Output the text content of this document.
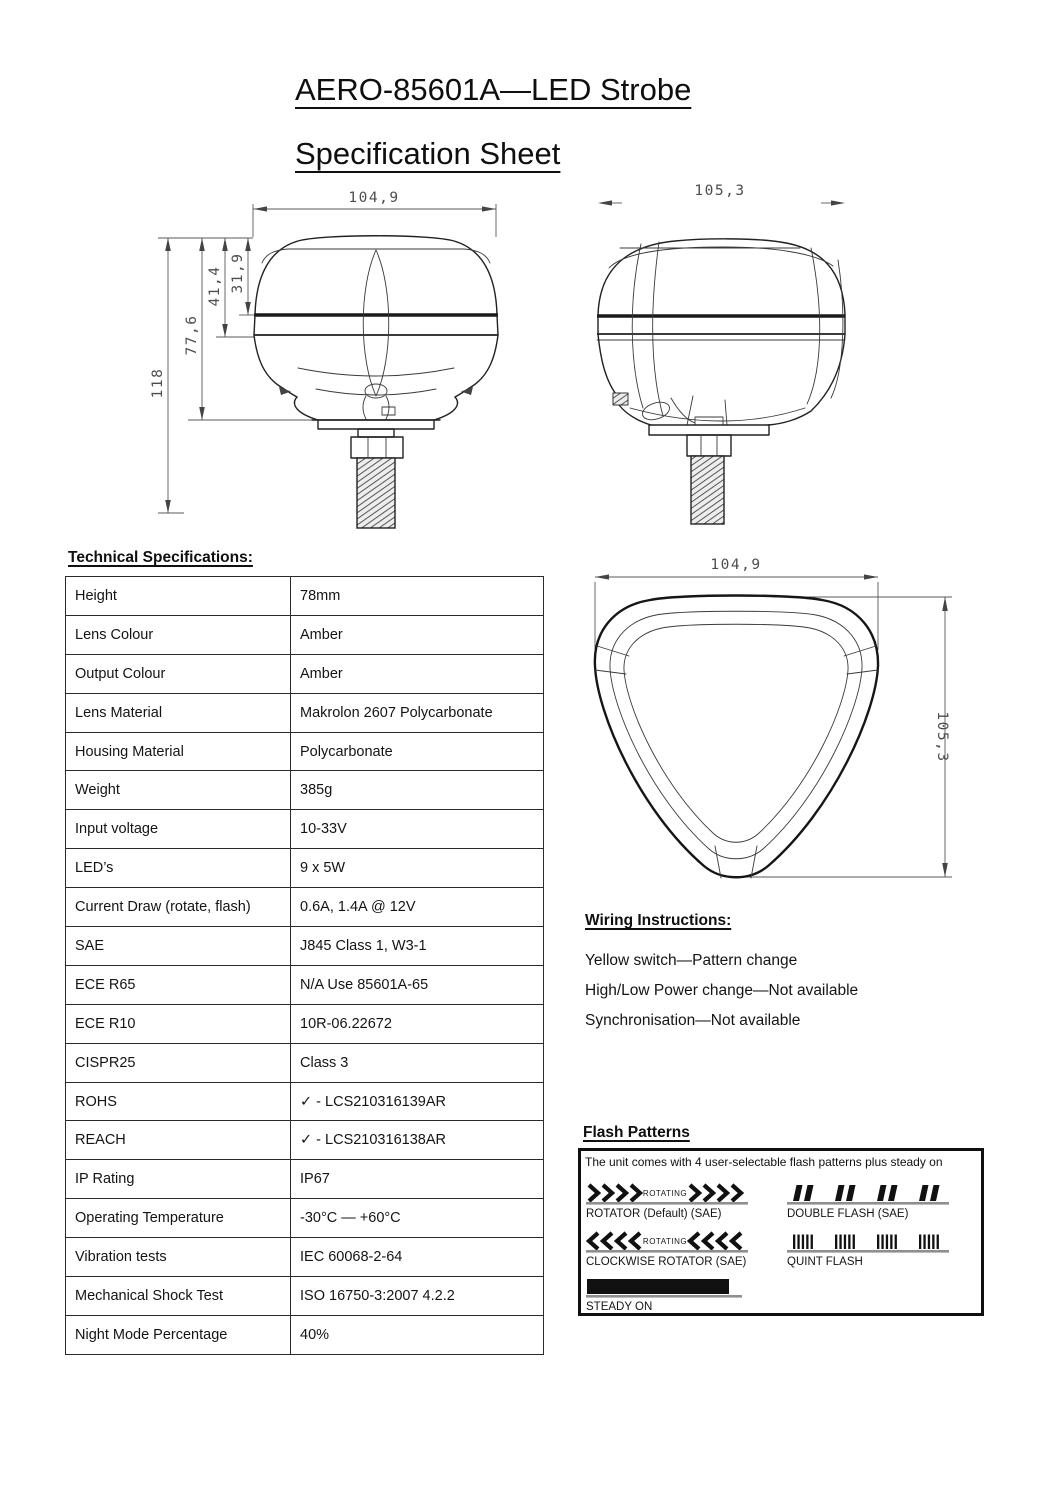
AERO-85601A—LED Strobe
Specification Sheet
104,9
118
77,6
41,4 31,9
105,3
104,9
105,3
Technical Specifications:
Height	78mm
Lens Colour	Amber
Output Colour	Amber
Lens Material	Makrolon 2607 Polycarbonate
Housing Material	Polycarbonate
Weight	385g
Input voltage	10-33V
LED’s	9 x 5W
Current Draw (rotate, flash)	0.6A, 1.4A @ 12V
SAE	J845 Class 1, W3-1
ECE R65	N/A Use 85601A-65
ECE R10	10R-06.22672
CISPR25	Class 3
ROHS	✓ - LCS210316139AR
REACH	✓ - LCS210316138AR
IP Rating	IP67
Operating Temperature	-30°C — +60°C
Vibration tests	IEC 60068-2-64
Mechanical Shock Test	ISO 16750-3:2007 4.2.2
Night Mode Percentage	40%
Wiring Instructions:
Yellow switch—Pattern change
High/Low Power change—Not available
Synchronisation—Not available
Flash Patterns
The unit comes with 4 user-selectable flash patterns plus steady on
ROTATING
ROTATOR (Default) (SAE)	DOUBLE FLASH (SAE)
ROTATING
CLOCKWISE ROTATOR (SAE)	QUINT FLASH
STEADY ON
